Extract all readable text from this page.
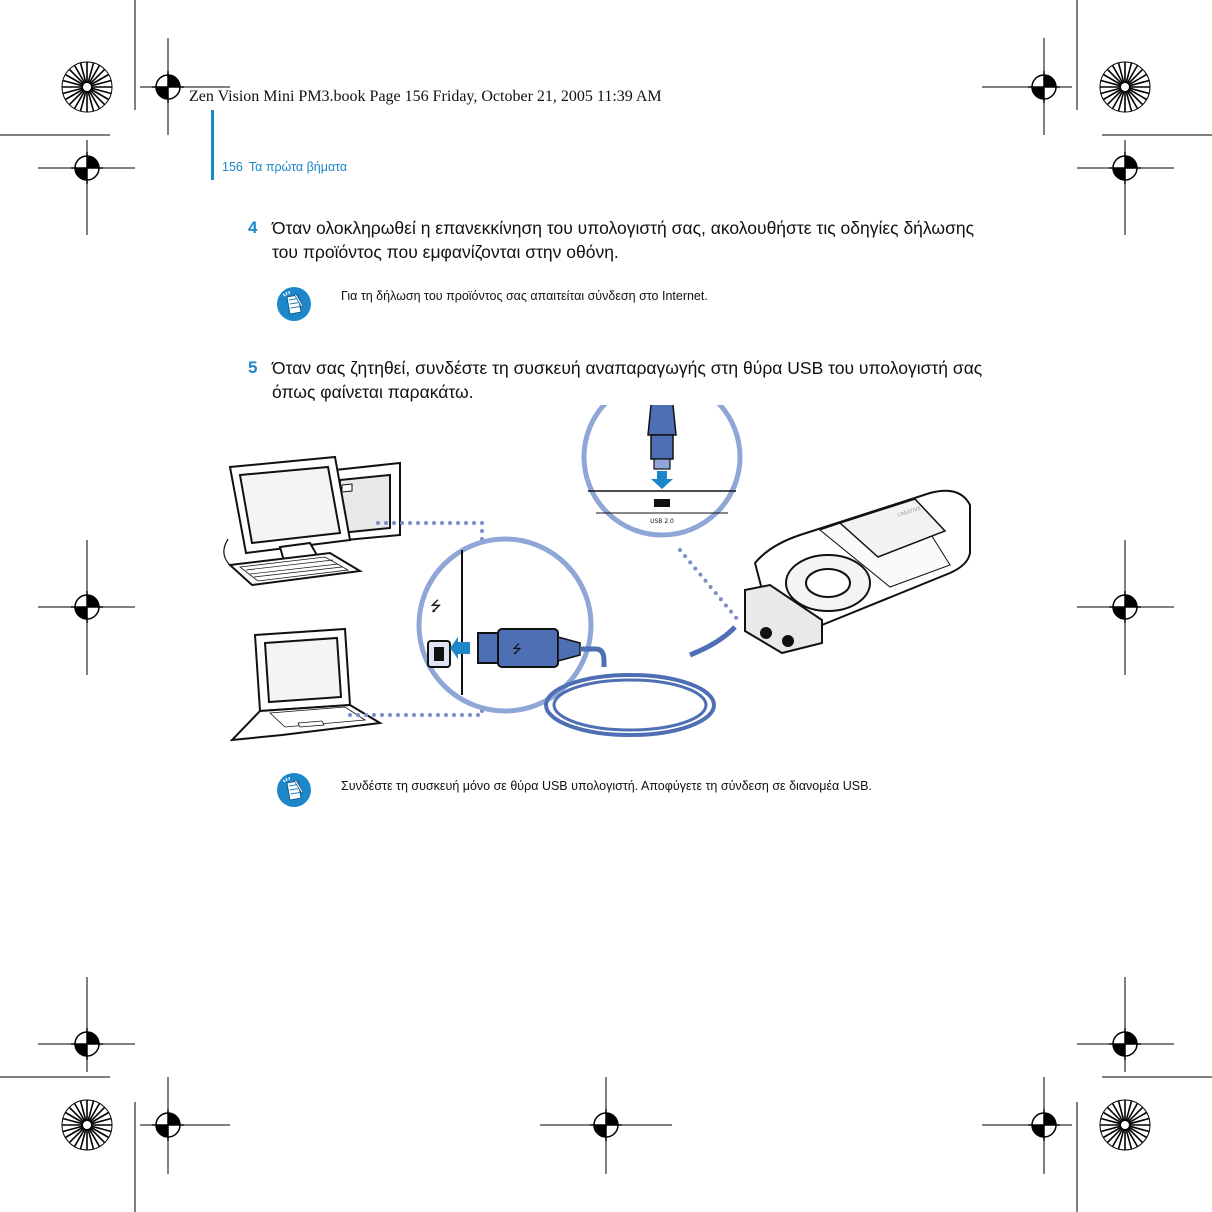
Zen Vision Mini PM3.book Page 156 Friday, October 21, 2005 11:39 AM
156 Τα πρώτα βήματα
4 Όταν ολοκληρωθεί η επανεκκίνηση του υπολογιστή σας, ακολουθήστε τις οδηγίες δήλωσης του προϊόντος που εμφανίζονται στην οθόνη.
Για τη δήλωση του προϊόντος σας απαιτείται σύνδεση στο Internet.
5 Όταν σας ζητηθεί, συνδέστε τη συσκευή αναπαραγωγής στη θύρα USB του υπολογιστή σας όπως φαίνεται παρακάτω.
⭍
⭍
USB 2.0
CREATIVE
Συνδέστε τη συσκευή μόνο σε θύρα USB υπολογιστή. Αποφύγετε τη σύνδεση σε διανομέα USB.
